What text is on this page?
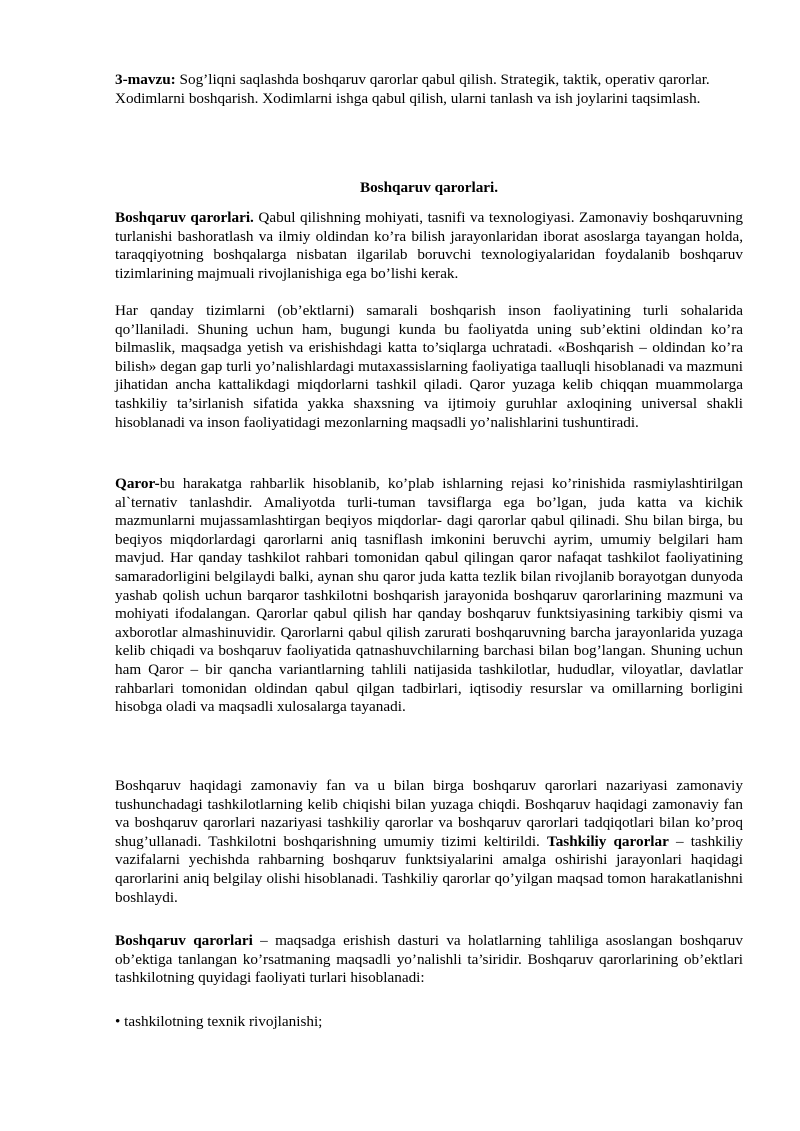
3-mavzu: Sog’liqni saqlashda boshqaruv qarorlar qabul qilish. Strategik, taktik, operativ qarorlar. Xodimlarni boshqarish. Xodimlarni ishga qabul qilish, ularni tanlash va ish joylarini taqsimlash.

Boshqaruv qarorlari.

Boshqaruv qarorlari. Qabul qilishning mohiyati, tasnifi va texnologiyasi. Zamonaviy boshqaruvning turlanishi bashoratlash va ilmiy oldindan ko’ra bilish jarayonlaridan iborat asoslarga tayangan holda, taraqqiyotning boshqalarga nisbatan ilgarilab boruvchi texnologiyalaridan foydalanib boshqaruv tizimlarining majmuali rivojlanishiga ega bo’lishi kerak.

Har qanday tizimlarni (ob’ektlarni) samarali boshqarish inson faoliyatining turli sohalarida qo’llaniladi. Shuning uchun ham, bugungi kunda bu faoliyatda uning sub’ektini oldindan ko’ra bilmaslik, maqsadga yetish va erishishdagi katta to’siqlarga uchratadi. «Boshqarish – oldindan ko’ra bilish» degan gap turli yo’nalishlardagi mutaxassislarning faoliyatiga taalluqli hisoblanadi va mazmuni jihatidan ancha kattalikdagi miqdorlarni tashkil qiladi. Qaror yuzaga kelib chiqqan muammolarga tashkiliy ta’sirlanish sifatida yakka shaxsning va ijtimoiy guruhlar axloqining universal shakli hisoblanadi va inson faoliyatidagi mezonlarning maqsadli yo’nalishlarini tushuntiradi.

Qaror-bu harakatga rahbarlik hisoblanib, ko’plab ishlarning rejasi ko’rinishida rasmiylashtirilgan al`ternativ tanlashdir. Amaliyotda turli-tuman tavsiflarga ega bo’lgan, juda katta va kichik mazmunlarni mujassamlashtirgan beqiyos miqdorlar- dagi qarorlar qabul qilinadi. Shu bilan birga, bu beqiyos miqdorlardagi qarorlarni aniq tasniflash imkonini beruvchi ayrim, umumiy belgilari ham mavjud. Har qanday tashkilot rahbari tomonidan qabul qilingan qaror nafaqat tashkilot faoliyatining samaradorligini belgilaydi balki, aynan shu qaror juda katta tezlik bilan rivojlanib borayotgan dunyoda yashab qolish uchun barqaror tashkilotni boshqarish jarayonida boshqaruv qarorlarining mazmuni va mohiyati ifodalangan. Qarorlar qabul qilish har qanday boshqaruv funktsiyasining tarkibiy qismi va axborotlar almashinuvidir. Qarorlarni qabul qilish zarurati boshqaruvning barcha jarayonlarida yuzaga kelib chiqadi va boshqaruv faoliyatida qatnashuvchilarning barchasi bilan bog’langan. Shuning uchun ham Qaror – bir qancha variantlarning tahlili natijasida tashkilotlar, hududlar, viloyatlar, davlatlar rahbarlari tomonidan oldindan qabul qilgan tadbirlari, iqtisodiy resurslar va omillarning borligini hisobga oladi va maqsadli xulosalarga tayanadi.

Boshqaruv haqidagi zamonaviy fan va u bilan birga boshqaruv qarorlari nazariyasi zamonaviy tushunchadagi tashkilotlarning kelib chiqishi bilan yuzaga chiqdi. Boshqaruv haqidagi zamonaviy fan va boshqaruv qarorlari nazariyasi tashkiliy qarorlar va boshqaruv qarorlari tadqiqotlari bilan ko’proq shug’ullanadi. Tashkilotni boshqarishning umumiy tizimi keltirildi. Tashkiliy qarorlar – tashkiliy vazifalarni yechishda rahbarning boshqaruv funktsiyalarini amalga oshirishi jarayonlari haqidagi qarorlarini aniq belgilay olishi hisoblanadi. Tashkiliy qarorlar qo’yilgan maqsad tomon harakatlanishni boshlaydi.

Boshqaruv qarorlari – maqsadga erishish dasturi va holatlarning tahliliga asoslangan boshqaruv ob’ektiga tanlangan ko’rsatmaning maqsadli yo’nalishli ta’siridir. Boshqaruv qarorlarining ob’ektlari tashkilotning quyidagi faoliyati turlari hisoblanadi:

• tashkilotning texnik rivojlanishi;
